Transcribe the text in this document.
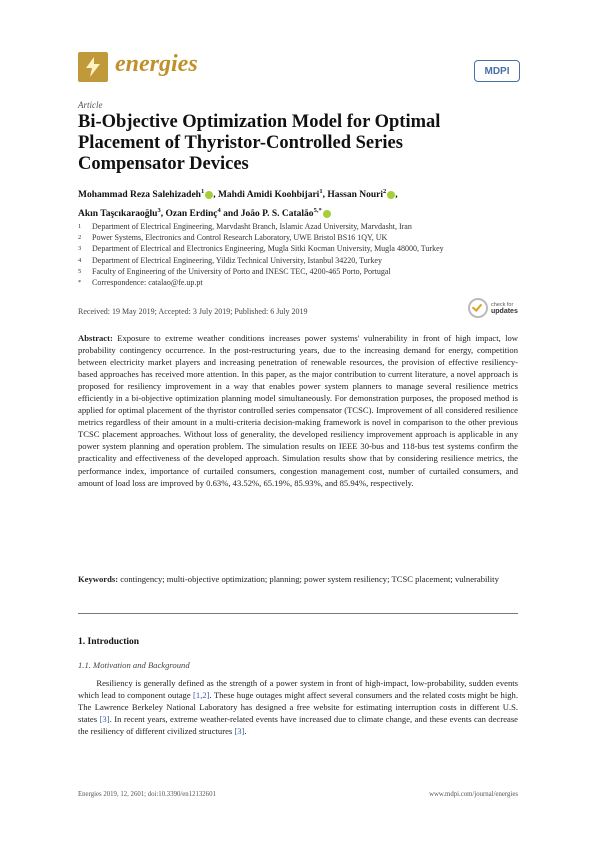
energies	MDPI
Article
Bi-Objective Optimization Model for Optimal Placement of Thyristor-Controlled Series Compensator Devices
Mohammad Reza Salehizadeh$^1$ , Mahdi Amidi Koohbijari$^1$, Hassan Nouri$^2$ ,
Akın Taşcıkaraoğlu$^3$, Ozan Erdinç$^4$ and João P. S. Catalão$^{5,*}$
1	Department of Electrical Engineering, Marvdasht Branch, Islamic Azad University, Marvdasht, Iran
2	Power Systems, Electronics and Control Research Laboratory, UWE Bristol BS16 1QY, UK
3	Department of Electrical and Electronics Engineering, Mugla Sitki Kocman University, Mugla 48000, Turkey
4	Department of Electrical Engineering, Yildiz Technical University, Istanbul 34220, Turkey
5	Faculty of Engineering of the University of Porto and INESC TEC, 4200-465 Porto, Portugal
*	Correspondence: catalao@fe.up.pt
Received: 19 May 2019; Accepted: 3 July 2019; Published: 6 July 2019
check for
updates
Abstract: Exposure to extreme weather conditions increases power systems' vulnerability in front of high impact, low probability contingency occurrence. In the post-restructuring years, due to the increasing demand for energy, competition between electricity market players and increasing penetration of renewable resources, the provision of effective resiliency-based approaches has received more attention. In this paper, as the major contribution to current literature, a novel approach is proposed for resiliency improvement in a way that enables power system planners to manage several resilience metrics efficiently in a bi-objective optimization planning model simultaneously. For demonstration purposes, the proposed method is applied for optimal placement of the thyristor controlled series compensator (TCSC). Improvement of all considered resilience metrics regardless of their amount in a multi-criteria decision-making framework is novel in comparison to the other previous TCSC placement approaches. Without loss of generality, the developed resiliency improvement approach is applicable in any power system planning and operation problem. The simulation results on IEEE 30-bus and 118-bus test systems confirm the practicality and effectiveness of the developed approach. Simulation results show that by considering resilience metrics, the performance index, importance of curtailed consumers, congestion management cost, number of curtailed consumers, and amount of load loss are improved by 0.63%, 43.52%, 65.19%, 85.93%, and 85.94%, respectively.
Keywords: contingency; multi-objective optimization; planning; power system resiliency; TCSC placement; vulnerability
1. Introduction
1.1. Motivation and Background
Resiliency is generally defined as the strength of a power system in front of high-impact, low-probability, sudden events which lead to component outage [1,2]. These huge outages might affect several consumers and the related costs might be high. The Lawrence Berkeley National Laboratory has designed a free website for estimating interruption costs in different U.S. states [3]. In recent years, extreme weather-related events have increased due to climate change, and these events can decrease the resiliency of different civilized structures [3].
Energies 2019, 12, 2601; doi:10.3390/en12132601	www.mdpi.com/journal/energies
